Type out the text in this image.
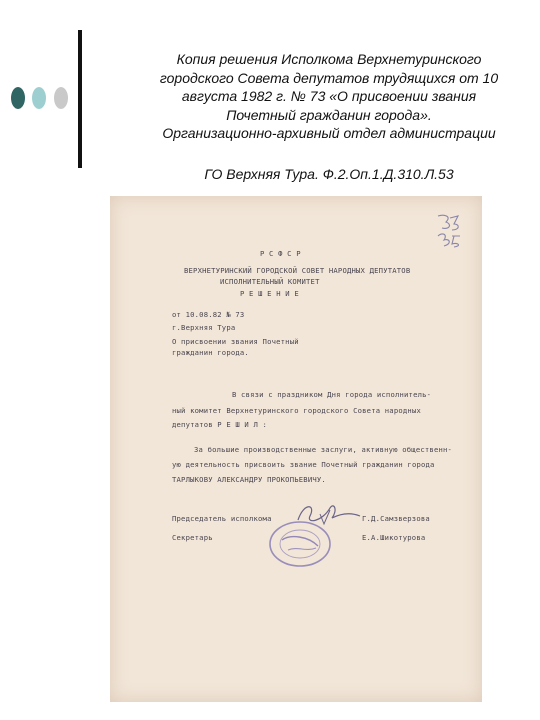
Копия решения Исполкома Верхнетуринского
городского Совета депутатов трудящихся от 10
августа 1982 г. № 73 «О присвоении звания
Почетный гражданин города».
Организационно-архивный отдел администрации
ГО Верхняя Тура. Ф.2.Оп.1.Д.310.Л.53
Р С Ф С Р
ВЕРХНЕТУРИНСКИЙ ГОРОДСКОЙ СОВЕТ НАРОДНЫХ ДЕПУТАТОВ
ИСПОЛНИТЕЛЬНЫЙ КОМИТЕТ
Р Е Ш Е Н И Е
от 10.08.82 № 73
г.Верхняя Тура
О присвоении звания Почетный
гражданин города.
В связи с праздником Дня города исполнитель-
ный комитет Верхнетуринского городского Совета народных
депутатов Р Е Ш И Л :
За большие производственные заслуги, активную общественн-
ую деятельность присвоить звание Почетный гражданин города
ТАРЛЫКОВУ АЛЕКСАНДРУ ПРОКОПЬЕВИЧУ.
Председатель исполкома	Г.Д.Самзверзова
Секретарь	Е.А.Шикотурова
